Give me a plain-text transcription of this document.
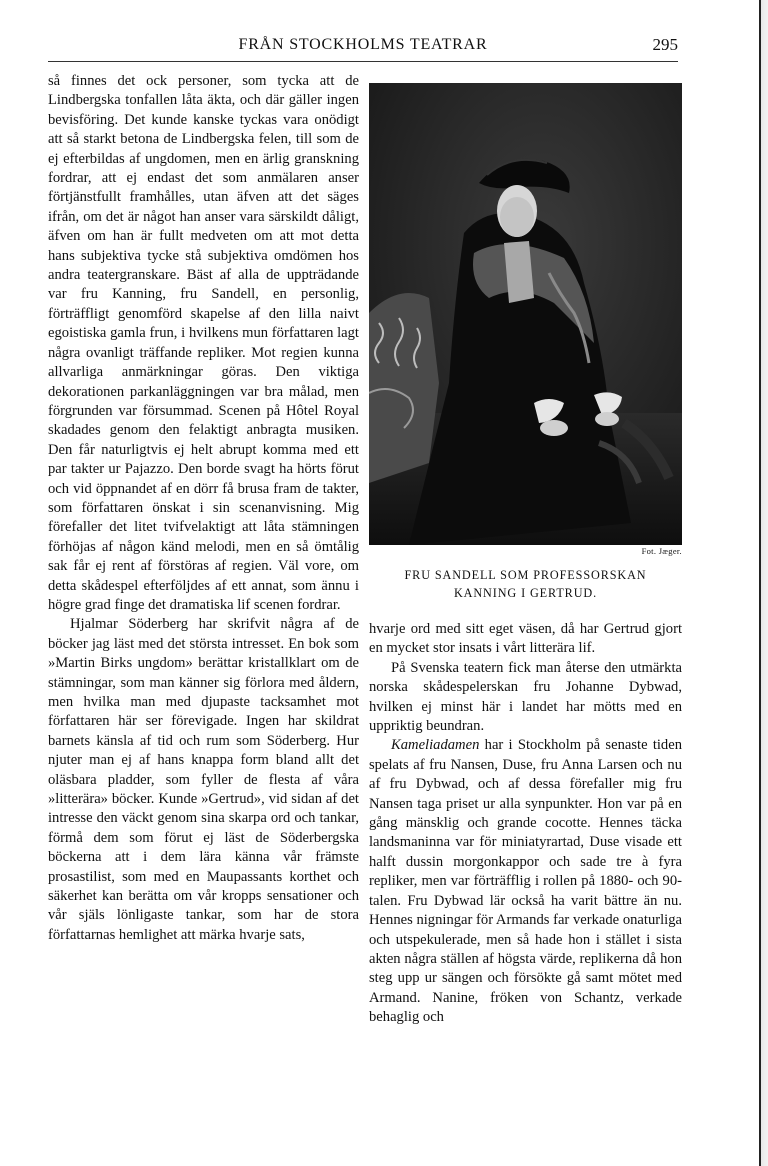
FRÅN STOCKHOLMS TEATRAR	295

så finnes det ock personer, som tycka att de Lindbergska tonfallen låta äkta, och där gäller ingen bevisföring. Det kunde kanske tyckas vara onödigt att så starkt betona de Lindbergska felen, till som de ej efterbildas af ungdomen, men en ärlig granskning fordrar, att ej endast det som anmälaren anser förtjänstfullt framhålles, utan äfven att det säges ifrån, om det är något han anser vara särskildt dåligt, äfven om han är fullt medveten om att mot detta hans subjektiva tycke stå subjektiva omdömen hos andra teatergranskare. Bäst af alla de uppträdande var fru Kanning, fru Sandell, en personlig, förträffligt genomförd skapelse af den lilla naivt egoistiska gamla frun, i hvilkens mun författaren lagt några ovanligt träffande repliker. Mot regien kunna allvarliga anmärkningar göras. Den viktiga dekorationen parkanläggningen var bra målad, men förgrunden var försummad. Scenen på Hôtel Royal skadades genom den felaktigt anbragta musiken. Den får naturligtvis ej helt abrupt komma med ett par takter ur Pajazzo. Den borde svagt ha hörts förut och vid öppnandet af en dörr få brusa fram de takter, som författaren önskat i sin scenanvisning. Mig förefaller det litet tvifvelaktigt att låta stämningen förhöjas af någon känd melodi, men en så ömtålig sak får ej rent af förstöras af regien. Väl vore, om detta skådespel efterföljdes af ett annat, som ännu i högre grad finge det dramatiska lif scenen fordrar.

Hjalmar Söderberg har skrifvit några af de böcker jag läst med det största intresset. En bok som »Martin Birks ungdom» berättar kristallklart om de stämningar, som man känner sig förlora med åldern, men hvilka man med djupaste tacksamhet mot författaren här ser förevigade. Ingen har skildrat barnets känsla af tid och rum som Söderberg. Hur njuter man ej af hans knappa form bland allt det oläsbara pladder, som fyller de flesta af våra »litterära» böcker. Kunde »Gertrud», vid sidan af det intresse den väckt genom sina skarpa ord och tankar, förmå dem som förut ej läst de Söderbergska böckerna att i dem lära känna vår främste prosastilist, som med en Maupassants korthet och säkerhet kan berätta om vår kropps sensationer och vår själs lönligaste tankar, som har de stora författarnas hemlighet att märka hvarje sats,

Fot. Jæger.
FRU SANDELL SOM PROFESSORSKAN
KANNING I GERTRUD.

hvarje ord med sitt eget väsen, då har Gertrud gjort en mycket stor insats i vårt litterära lif.

På Svenska teatern fick man återse den utmärkta norska skådespelerskan fru Johanne Dybwad, hvilken ej minst här i landet har mötts med en uppriktig beundran.

Kameliadamen har i Stockholm på senaste tiden spelats af fru Nansen, Duse, fru Anna Larsen och nu af fru Dybwad, och af dessa förefaller mig fru Nansen taga priset ur alla synpunkter. Hon var på en gång mänsklig och grande cocotte. Hennes täcka landsmaninna var för miniatyrartad, Duse visade ett halft dussin morgonkappor och sade tre à fyra repliker, men var förträfflig i rollen på 1880- och 90-talen. Fru Dybwad lär också ha varit bättre än nu. Hennes nigningar för Armands far verkade onaturliga och utspekulerade, men så hade hon i stället i sista akten några ställen af högsta värde, replikerna då hon steg upp ur sängen och försökte gå samt mötet med Armand. Nanine, fröken von Schantz, verkade behaglig och
